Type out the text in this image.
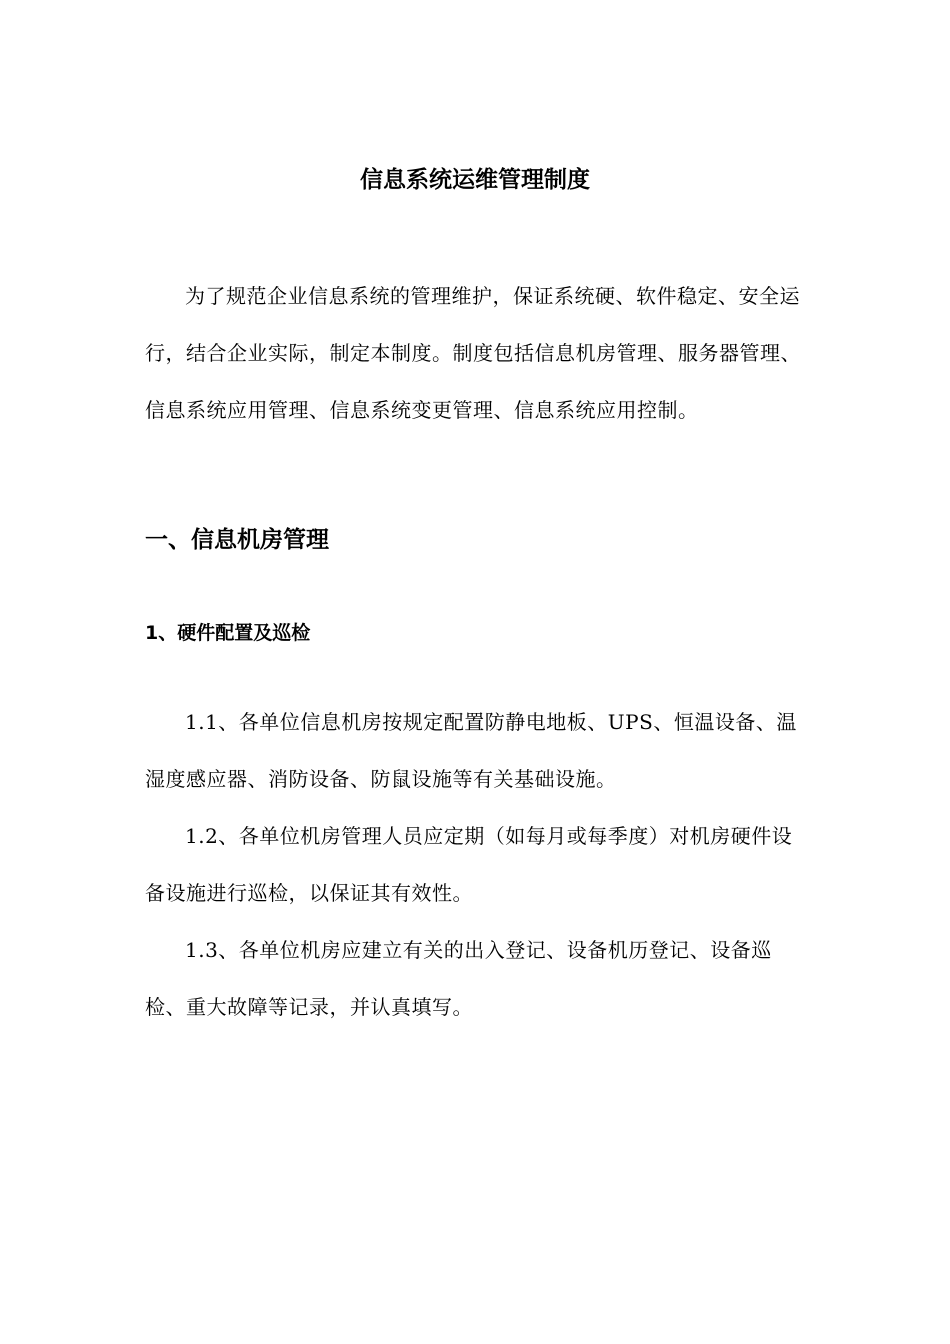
信息系统运维管理制度

为了规范企业信息系统的管理维护，保证系统硬、软件稳定、安全运行，结合企业实际，制定本制度。制度包括信息机房管理、服务器管理、信息系统应用管理、信息系统变更管理、信息系统应用控制。

一、信息机房管理
1、硬件配置及巡检

1.1、各单位信息机房按规定配置防静电地板、UPS、恒温设备、温湿度感应器、消防设备、防鼠设施等有关基础设施。

1.2、各单位机房管理人员应定期（如每月或每季度）对机房硬件设备设施进行巡检，以保证其有效性。

1.3、各单位机房应建立有关的出入登记、设备机历登记、设备巡检、重大故障等记录，并认真填写。
